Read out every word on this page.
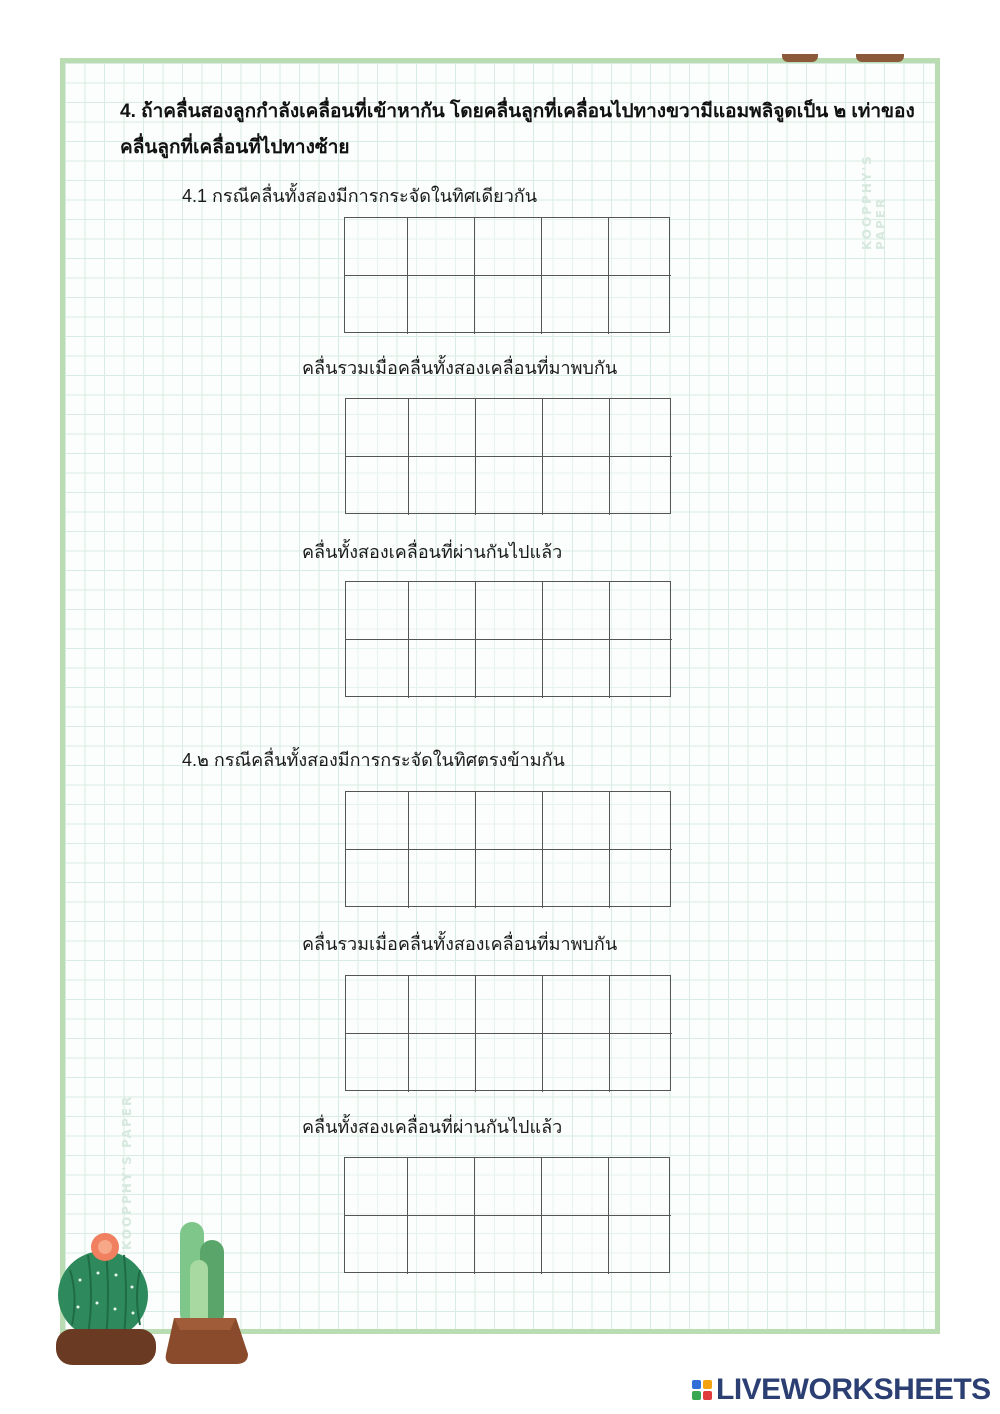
KOOPPHY'S PAPER
KOOPPHY'S PAPER
4. ถ้าคลื่นสองลูกกำลังเคลื่อนที่เข้าหากัน โดยคลื่นลูกที่เคลื่อนไปทางขวามีแอมพลิจูดเป็น ๒ เท่าของคลื่นลูกที่เคลื่อนที่ไปทางซ้าย
4.1 กรณีคลื่นทั้งสองมีการกระจัดในทิศเดียวกัน
คลื่นรวมเมื่อคลื่นทั้งสองเคลื่อนที่มาพบกัน
คลื่นทั้งสองเคลื่อนที่ผ่านกันไปแล้ว
4.๒ กรณีคลื่นทั้งสองมีการกระจัดในทิศตรงข้ามกัน
คลื่นรวมเมื่อคลื่นทั้งสองเคลื่อนที่มาพบกัน
คลื่นทั้งสองเคลื่อนที่ผ่านกันไปแล้ว
LIVEWORKSHEETS
